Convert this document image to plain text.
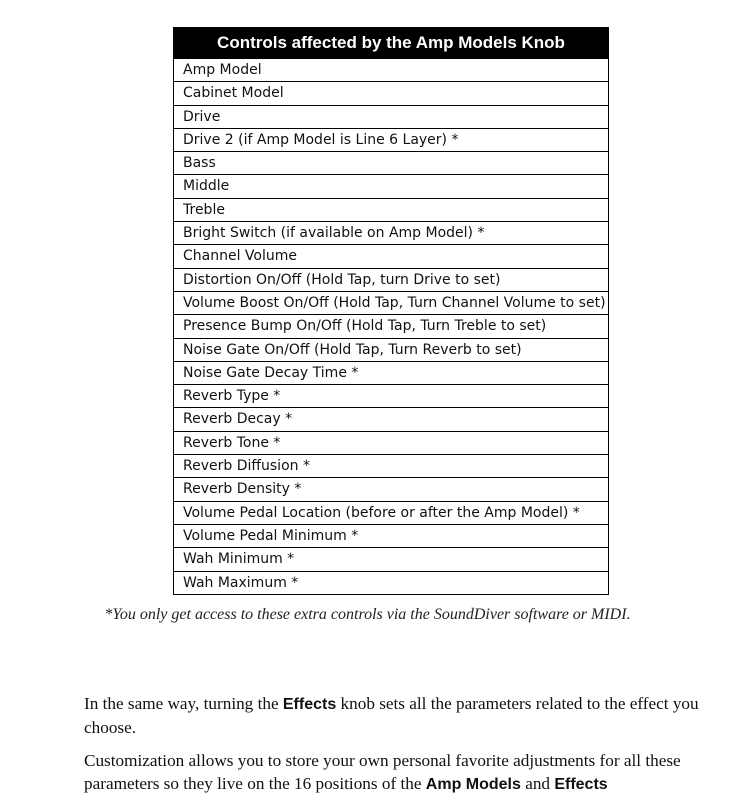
Controls affected by the Amp Models Knob
Amp Model
Cabinet Model
Drive
Drive 2 (if Amp Model is Line 6 Layer) *
Bass
Middle
Treble
Bright Switch (if available on Amp Model) *
Channel Volume
Distortion On/Off (Hold Tap, turn Drive to set)
Volume Boost On/Off (Hold Tap, Turn Channel Volume to set)
Presence Bump On/Off (Hold Tap, Turn Treble to set)
Noise Gate On/Off (Hold Tap, Turn Reverb to set)
Noise Gate Decay Time *
Reverb Type *
Reverb Decay *
Reverb Tone *
Reverb Diffusion *
Reverb Density *
Volume Pedal Location (before or after the Amp Model) *
Volume Pedal Minimum *
Wah Minimum *
Wah Maximum *
*You only get access to these extra controls via the SoundDiver software or MIDI.

In the same way, turning the Effects knob sets all the parameters related to the effect you choose.

Customization allows you to store your own personal favorite adjustments for all these parameters so they live on the 16 positions of the Amp Models and Effects
